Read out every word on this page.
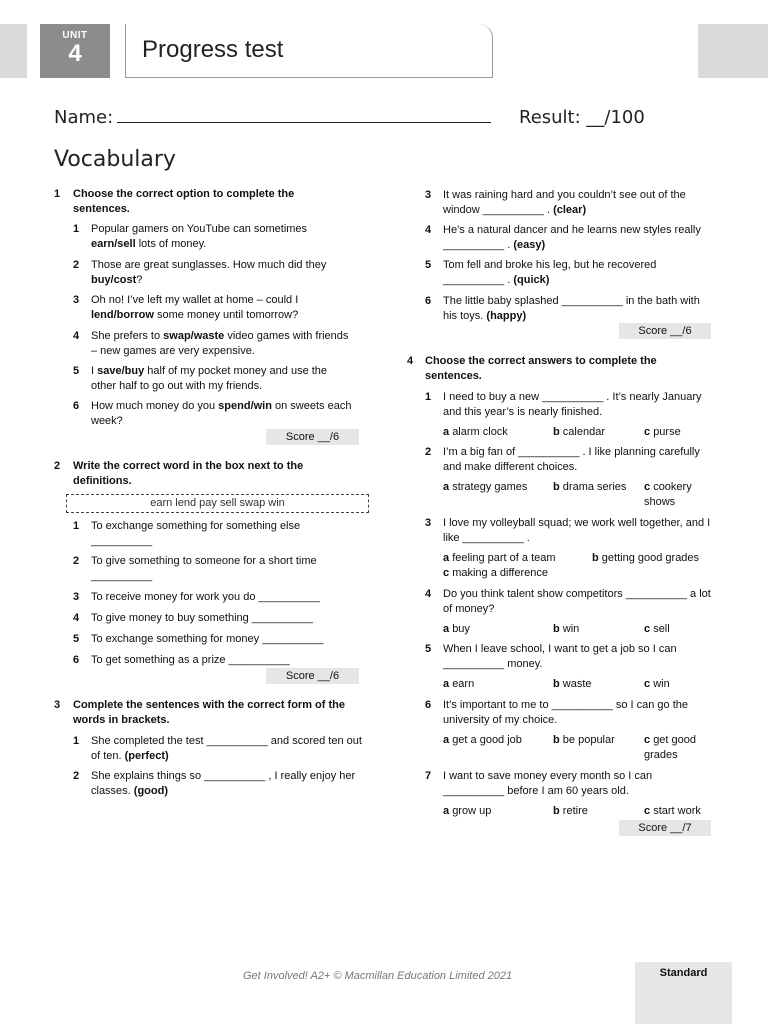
UNIT
4	Progress test
Name:	Result: __/100
Vocabulary
1 Choose the correct option to complete the sentences.
1 Popular gamers on YouTube can sometimes earn/sell lots of money.
2 Those are great sunglasses. How much did they buy/cost?
3 Oh no! I’ve left my wallet at home – could I lend/borrow some money until tomorrow?
4 She prefers to swap/waste video games with friends – new games are very expensive.
5 I save/buy half of my pocket money and use the other half to go out with my friends.
6 How much money do you spend/win on sweets each week?
Score __/6
2 Write the correct word in the box next to the definitions.
earn lend pay sell swap win
1 To exchange something for something else __________
2 To give something to someone for a short time __________
3 To receive money for work you do __________
4 To give money to buy something __________
5 To exchange something for money __________
6 To get something as a prize __________
Score __/6
3 Complete the sentences with the correct form of the words in brackets.
1 She completed the test __________ and scored ten out of ten. (perfect)
2 She explains things so __________ , I really enjoy her classes. (good)
3 It was raining hard and you couldn’t see out of the window __________ . (clear)
4 He’s a natural dancer and he learns new styles really __________ . (easy)
5 Tom fell and broke his leg, but he recovered __________ . (quick)
6 The little baby splashed __________ in the bath with his toys. (happy)
Score __/6
4 Choose the correct answers to complete the sentences.
1 I need to buy a new __________ . It’s nearly January and this year’s is nearly finished.
a alarm clock	b calendar	c purse
2 I’m a big fan of __________ . I like planning carefully and make different choices.
a strategy games b drama series c cookery shows
3 I love my volleyball squad; we work well together, and I like __________ .
a feeling part of a team	b getting good grades
c making a difference
4 Do you think talent show competitors __________ a lot of money?
a buy	b win	c sell
5 When I leave school, I want to get a job so I can __________ money.
a earn	b waste	c win
6 It’s important to me to __________ so I can go the university of my choice.
a get a good job	b be popular	c get good grades
7 I want to save money every month so I can __________ before I am 60 years old.
a grow up	b retire	c start work
Score __/7
Get Involved! A2+ © Macmillan Education Limited 2021	Standard
